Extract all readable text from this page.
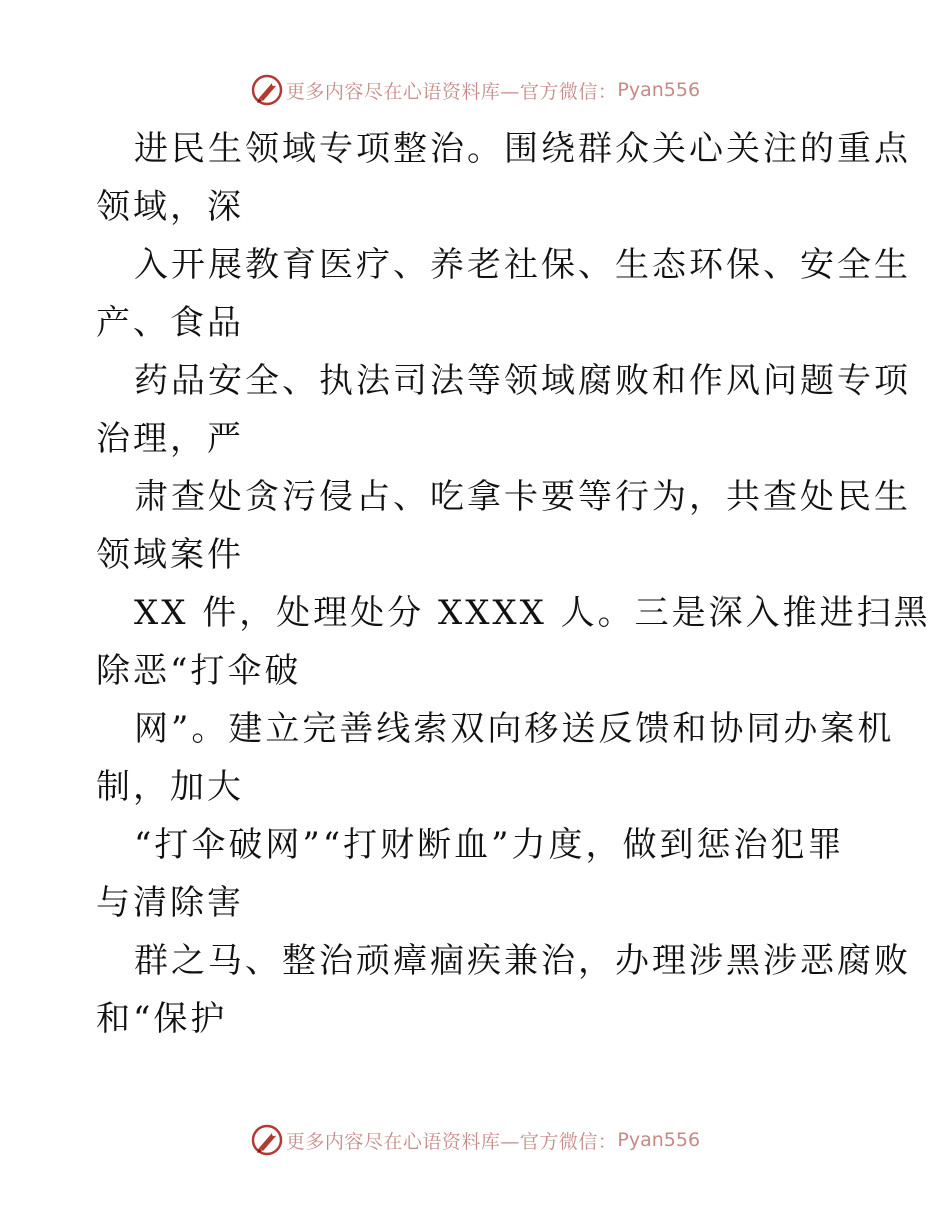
更多内容尽在心语资料库—官方微信： Pyan556
进民生领域专项整治。围绕群众关心关注的重点
领域，深
入开展教育医疗、养老社保、生态环保、安全生
产、食品
药品安全、执法司法等领域腐败和作风问题专项
治理，严
肃查处贪污侵占、吃拿卡要等行为，共查处民生
领域案件
XX 件，处理处分 XXXX 人。三是深入推进扫黑
除恶“打伞破
网”。建立完善线索双向移送反馈和协同办案机
制，加大
“打伞破网”“打财断血”力度，做到惩治犯罪
与清除害
群之马、整治顽瘴痼疾兼治，办理涉黑涉恶腐败
和“保护
更多内容尽在心语资料库—官方微信： Pyan556
